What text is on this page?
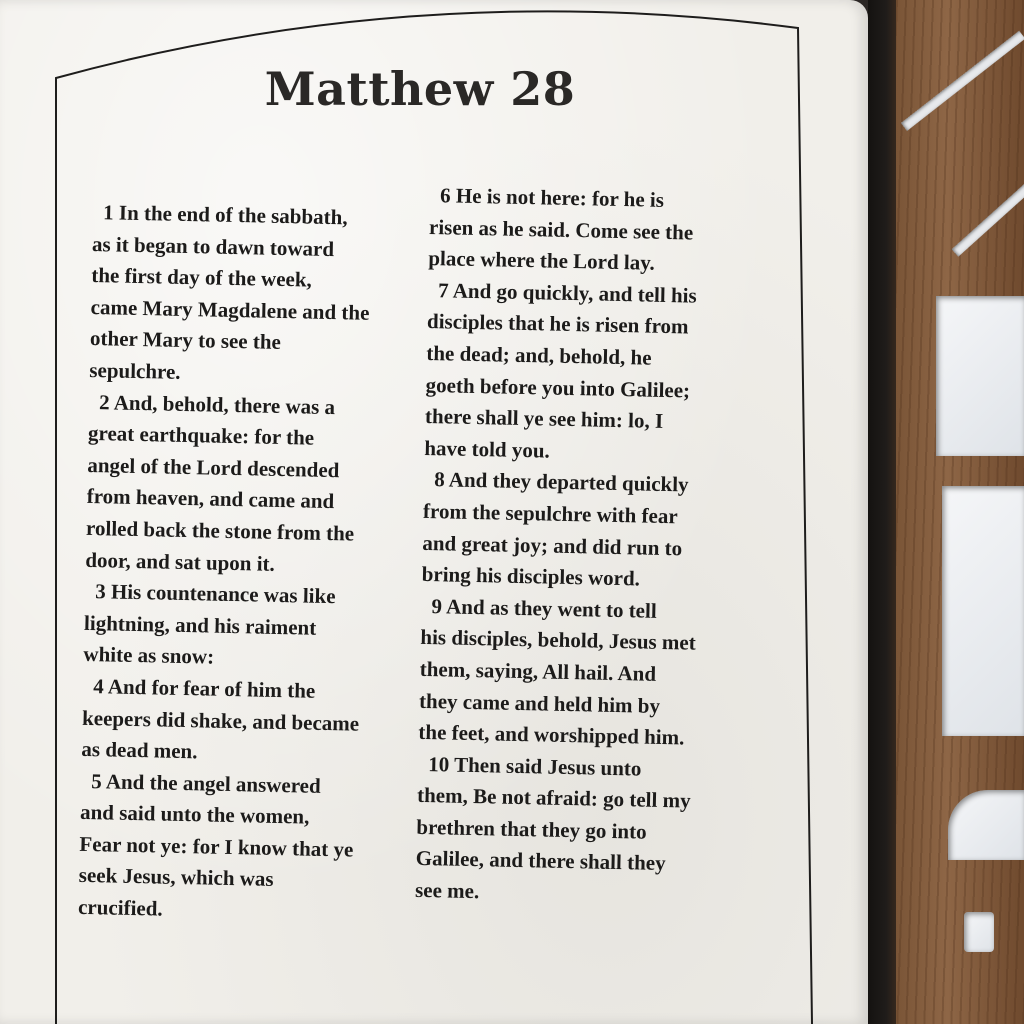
Matthew 28
1 In the end of the sabbath,
as it began to dawn toward
the first day of the week,
came Mary Magdalene and the
other Mary to see the
sepulchre.
2 And, behold, there was a
great earthquake: for the
angel of the Lord descended
from heaven, and came and
rolled back the stone from the
door, and sat upon it.
3 His countenance was like
lightning, and his raiment
white as snow:
4 And for fear of him the
keepers did shake, and became
as dead men.
5 And the angel answered
and said unto the women,
Fear not ye: for I know that ye
seek Jesus, which was
crucified.
6 He is not here: for he is
risen as he said. Come see the
place where the Lord lay.
7 And go quickly, and tell his
disciples that he is risen from
the dead; and, behold, he
goeth before you into Galilee;
there shall ye see him: lo, I
have told you.
8 And they departed quickly
from the sepulchre with fear
and great joy; and did run to
bring his disciples word.
9 And as they went to tell
his disciples, behold, Jesus met
them, saying, All hail. And
they came and held him by
the feet, and worshipped him.
10 Then said Jesus unto
them, Be not afraid: go tell my
brethren that they go into
Galilee, and there shall they
see me.
